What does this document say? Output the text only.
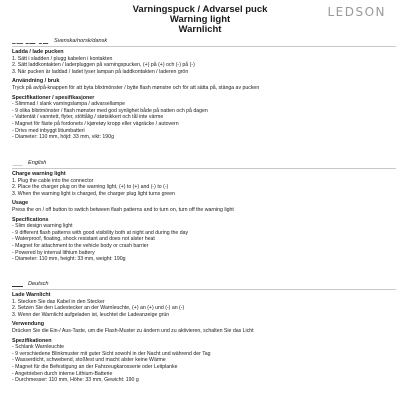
Varningspuck / Advarsel puck
Warning light
Warnlicht
LEDSON
Svenska/norsk/dansk
Ladda / lade pucken
1. Sätt i sladden / plugg kabelen i kontakten
2. Sätt laddkontakten / laderpluggen på varningspucken, (+) på (+) och (-) på (-)
3. När pucken är laddad / ladet lyser lampan på laddkontakten / laderen grön
Användning / bruk
Tryck på av/på-knappen för att byta blixtmönster / bytte flash mønstre och för att sätta på, stänga av pucken
Specifikationer / spesifikasjoner
- Slimmad / slank varningslampa / advarsellampe
- 9 olika blixtmönster / flash mønster med god synlighet både på natten och på dagen
- Vattentät / vanntett, flyter, stöttålig / støtsikkert och tål inte värme
- Magnet för fäste på fordonets / kjøretøy kropp eller vägräcke / autovern
- Drivs med inbyggt litiumbatteri
- Diameter: 110 mm, höjd: 33 mm, vikt: 190g
English
Charge warning light
1. Plug the cable into the connector
2. Place the charger plug on the warning light, (+) to (+) and (-) to (-)
3. When the warning light is charged, the charger plug light turns green
Usage
Press the on / off button to switch between flash patterns and to turn on, turn off the warning light
Specifications
- Slim design warning light
- 9 different flash patterns with good visibility both at night and during the day
- Waterproof, floating, shock resistant and does not alster heat
- Magnet for attachment to the vehicle body or crash barrier
- Powered by internal lithium battery
- Diameter: 110 mm, height: 33 mm, weight: 190g
Deutsch
Lade Warnlicht
1. Stecken Sie das Kabel in den Stecker
2. Setzen Sie den Ladestecker an der Warnleuchte, (+) an (+) und (-) an (-)
3. Wenn der Warnlicht aufgeladen ist, leuchtet die Ladeanzeige grün
Verwendung
Drücken Sie die Ein-/ Aus-Taste, um die Flash-Muster zu ändern und zu aktivieren, schalten Sie das Licht
Spezifikationen
- Schlank Warnleuchte
- 9 verschiedene Blinkmuster mit guter Sicht sowohl in der Nacht und während der Tag
- Wasserdicht, schwebend, stoßfest und macht alster keine Wärme
- Magnet für die Befestigung an der Fahrzeugkarosserie oder Leitplanke
- Angetrieben durch interne Lithium-Batterie
- Durchmesser: 110 mm, Höhe: 33 mm, Gewicht: 190 g
